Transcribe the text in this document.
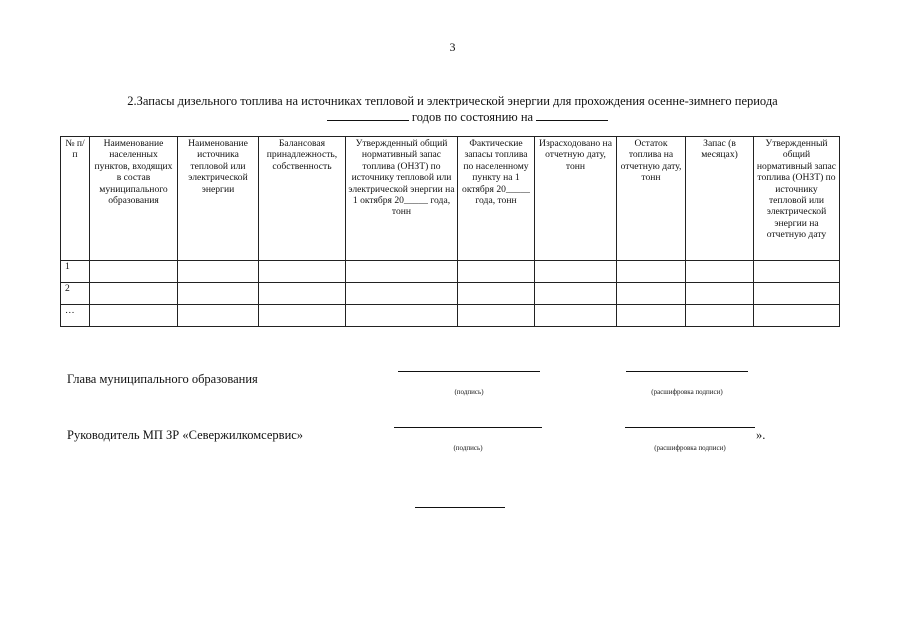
3
2.Запасы дизельного топлива на источниках тепловой и электрической энергии для прохождения осенне-зимнего периода
годов по состоянию на
№ п/п	Наименование населенных пунктов, входящих в состав муниципального образования	Наименование источника тепловой или электрической энергии	Балансовая принадлежность, собственность	Утвержденный общий нормативный запас топлива (ОНЗТ) по источнику тепловой или электрической энергии на 1 октября 20_____ года, тонн	Фактические запасы топлива по населенному пункту на 1 октября 20_____ года, тонн	Израсходовано на отчетную дату, тонн	Остаток топлива на отчетную дату, тонн	Запас (в месяцах)	Утвержденный общий нормативный запас топлива (ОНЗТ) по источнику тепловой или электрической энергии на отчетную дату
1									
2									
…									
Глава муниципального образования
(подпись)	(расшифровка подписи)
Руководитель МП ЗР «Севержилкомсервис»
(подпись)
».
(расшифровка подписи)
